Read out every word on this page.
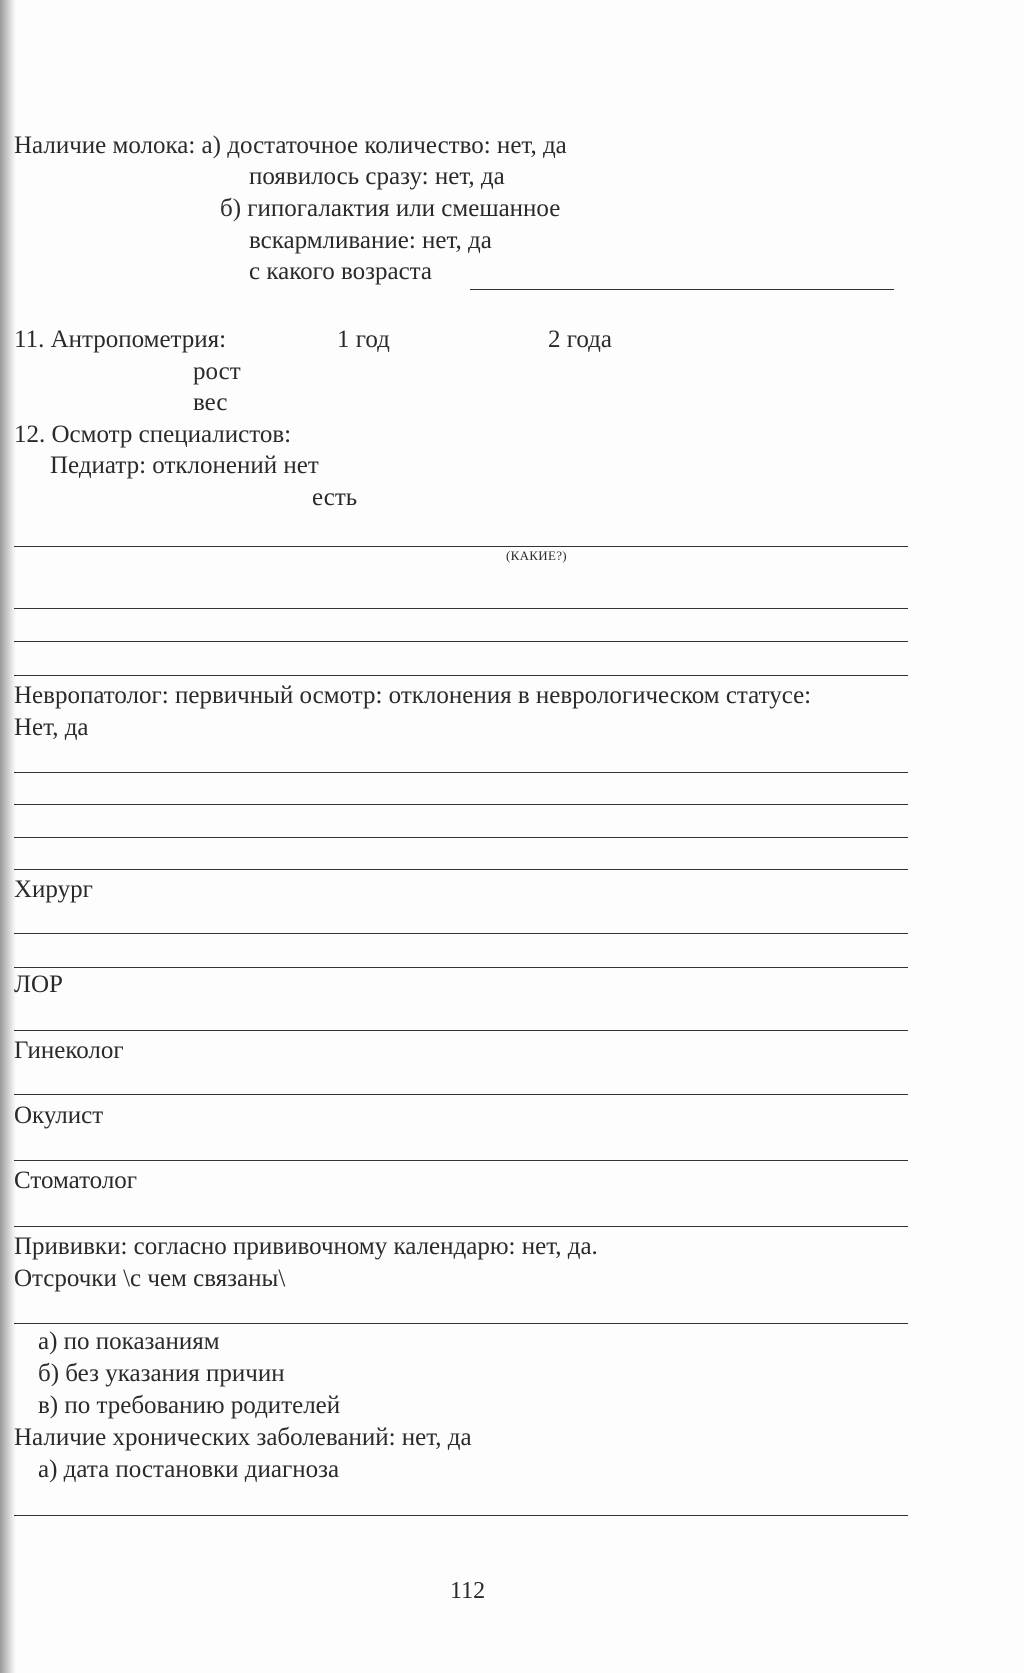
Наличие молока: а) достаточное количество: нет, да
появилось сразу: нет, да
б) гипогалактия или смешанное
вскармливание: нет, да
с какого возраста
11. Антропометрия:	1 год	2 года
рост
вес
12. Осмотр специалистов:
Педиатр: отклонений нет
есть
(КАКИЕ?)
Невропатолог: первичный осмотр: отклонения в неврологическом статусе:
Нет, да
Хирург
ЛОР
Гинеколог
Окулист
Стоматолог
Прививки: согласно прививочному календарю: нет, да.
Отсрочки \с чем связаны\
а) по показаниям
б) без указания причин
в) по требованию родителей
Наличие хронических заболеваний: нет, да
а) дата постановки диагноза
112
